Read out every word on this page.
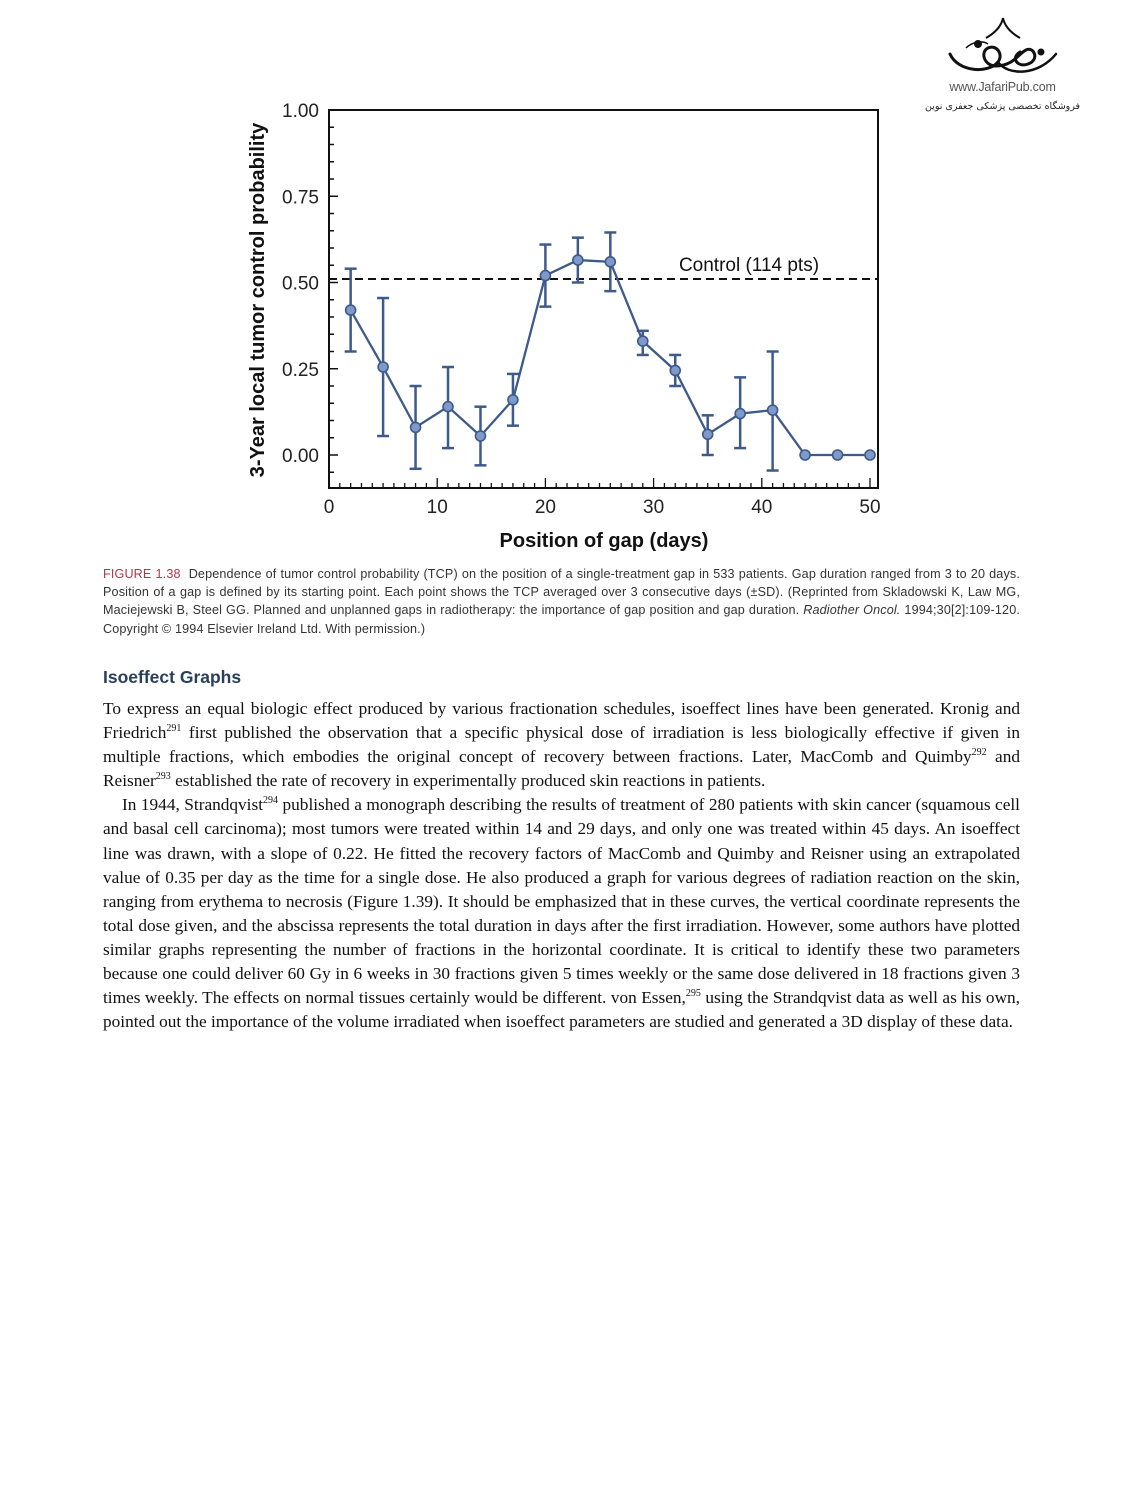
www.JafariPub.com
فروشگاه تخصصی پزشکی جعفری نوین
0.00
0.25
0.50
0.75
1.00
0	10	20	30	40	50
3-Year local tumor control probability
Position of gap (days)
Control (114 pts)
FIGURE 1.38 Dependence of tumor control probability (TCP) on the position of a single-treatment gap in 533 patients. Gap duration ranged from 3 to 20 days. Position of a gap is defined by its starting point. Each point shows the TCP averaged over 3 consecutive days (±SD). (Reprinted from Skladowski K, Law MG, Maciejewski B, Steel GG. Planned and unplanned gaps in radiotherapy: the importance of gap position and gap duration. Radiother Oncol. 1994;30[2]:109-120. Copyright © 1994 Elsevier Ireland Ltd. With permission.)
Isoeffect Graphs

To express an equal biologic effect produced by various fractionation schedules, isoeffect lines have been generated. Kronig and Friedrich$^{291}$ first published the observation that a specific physical dose of irradiation is less biologically effective if given in multiple fractions, which embodies the original concept of recovery between fractions. Later, MacComb and Quimby$^{292}$ and Reisner$^{293}$ established the rate of recovery in experimentally produced skin reactions in patients.

In 1944, Strandqvist$^{294}$ published a monograph describing the results of treatment of 280 patients with skin cancer (squamous cell and basal cell carcinoma); most tumors were treated within 14 and 29 days, and only one was treated within 45 days. An isoeffect line was drawn, with a slope of 0.22. He fitted the recovery factors of MacComb and Quimby and Reisner using an extrapolated value of 0.35 per day as the time for a single dose. He also produced a graph for various degrees of radiation reaction on the skin, ranging from erythema to necrosis (Figure 1.39). It should be emphasized that in these curves, the vertical coordinate represents the total dose given, and the abscissa represents the total duration in days after the first irradiation. However, some authors have plotted similar graphs representing the number of fractions in the horizontal coordinate. It is critical to identify these two parameters because one could deliver 60 Gy in 6 weeks in 30 fractions given 5 times weekly or the same dose delivered in 18 fractions given 3 times weekly. The effects on normal tissues certainly would be different. von Essen,$^{295}$ using the Strandqvist data as well as his own, pointed out the importance of the volume irradiated when isoeffect parameters are studied and generated a 3D display of these data.
